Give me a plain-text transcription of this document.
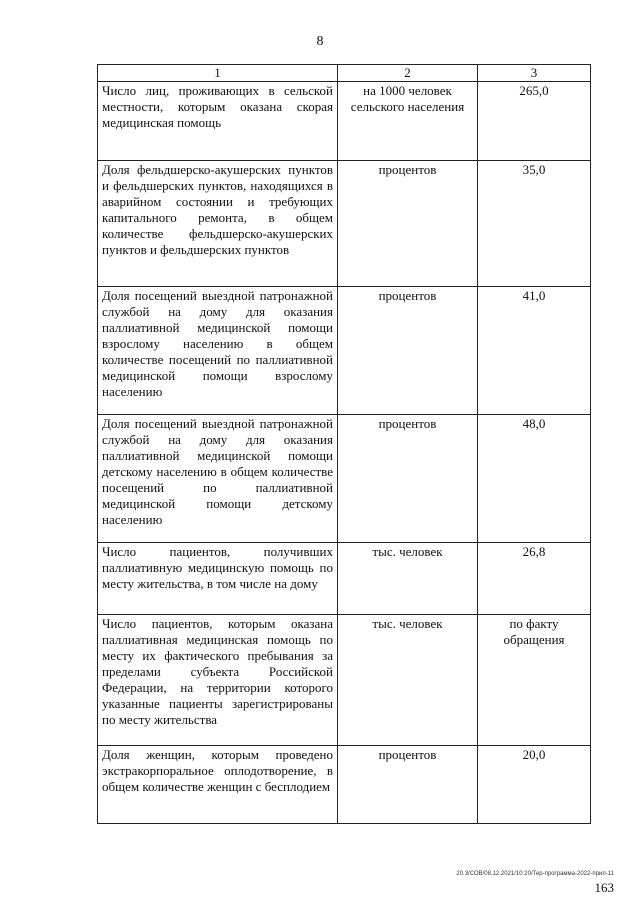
8
1	2	3
Число лиц, проживающих в сельской местности, которым оказана скорая медицинская помощь	на 1000 человек сельского населения	265,0
Доля фельдшерско-акушерских пунктов и фельдшерских пунктов, находящихся в аварийном состоянии и требующих капитального ремонта, в общем количестве фельдшерско-акушерских пунктов и фельдшерских пунктов	процентов	35,0
Доля посещений выездной патронажной службой на дому для оказания паллиативной медицинской помощи взрослому населению в общем количестве посещений по паллиативной медицинской помощи взрослому населению	процентов	41,0
Доля посещений выездной патронажной службой на дому для оказания паллиативной медицинской помощи детскому населению в общем количестве посещений по паллиативной медицинской помощи детскому населению	процентов	48,0
Число пациентов, получивших паллиативную медицинскую помощь по месту жительства, в том числе на дому	тыс. человек	26,8
Число пациентов, которым оказана паллиативная медицинская помощь по месту их фактического пребывания за пределами субъекта Российской Федерации, на территории которого указанные пациенты зарегистрированы по месту жительства	тыс. человек	по факту обращения
Доля женщин, которым проведено экстракорпоральное оплодотворение, в общем количестве женщин с бесплодием	процентов	20,0
20.3/СОВ/08.12.2021/10:20/Тер-программа-2022-прил-11
163
